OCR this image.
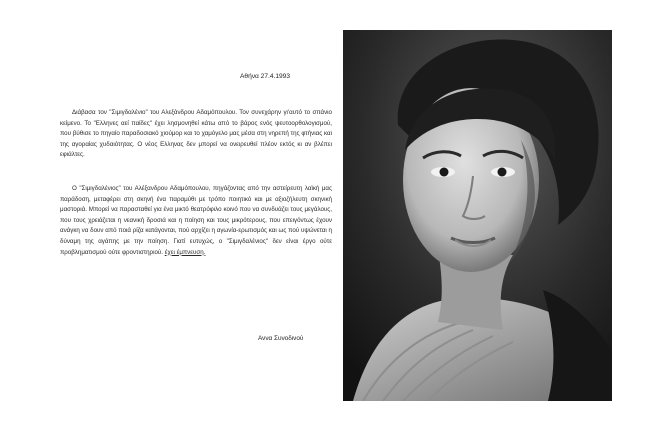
Αθήνα 27.4.1993

Διάβασα τον "Σιμιγδαλένιο" του Αλεξάνδρου Αδαμόπουλου. Τον συνεχάρην γι'αυτό το σπάνιο κείμενο. Το "Ελληνες αεί παίδες" έχει λησμονηθεί κάτω από το βάρος ενός ψευτοορθολογισμού, που βύθισε το πηγαίο παραδοσιακό χιούμορ και το χαμόγελο μας μέσα στη νηρεπή της φτήνιας και της αγοραίας χυδαιότητας. Ο νέος Ελληνας δεν μπορεί να ονειρευθεί πλέον εκτός κι αν βλέπει εφιάλτες.

Ο "Σιμιγδαλένιος" του Αλέξανδρου Αδαμόπουλου, πηγάζοντας από την αστείρευτη λαϊκή μας παράδοση, μεταφέρει στη σκηνή ένα παραμύθι με τρόπο ποιητικό και με αξιοζήλευτη σκηνική μαστοριά. Μπορεί να παρασταθεί για ένα μικτό θεατρόφιλο κοινό που να συνδυάζει τους μεγάλους, που τους χρειάζεται η νεανική δροσιά και η ποίηση και τους μικρότερους, που επειγόντως έχουν ανάγκη να δουν από ποιά ρίζα κατάγονται, πού αρχίζει η αγωνία-ερωτισμός και ως πού υψώνεται η δύναμη της αγάπης με την ποίηση. Γιατί ευτυχώς, ο "Σιμιγδαλένιος" δεν είναι έργο ούτε προβληματισμού ούτε φροντιστηριού. έχει έμπνευση.

Αννα Συνοδινού
